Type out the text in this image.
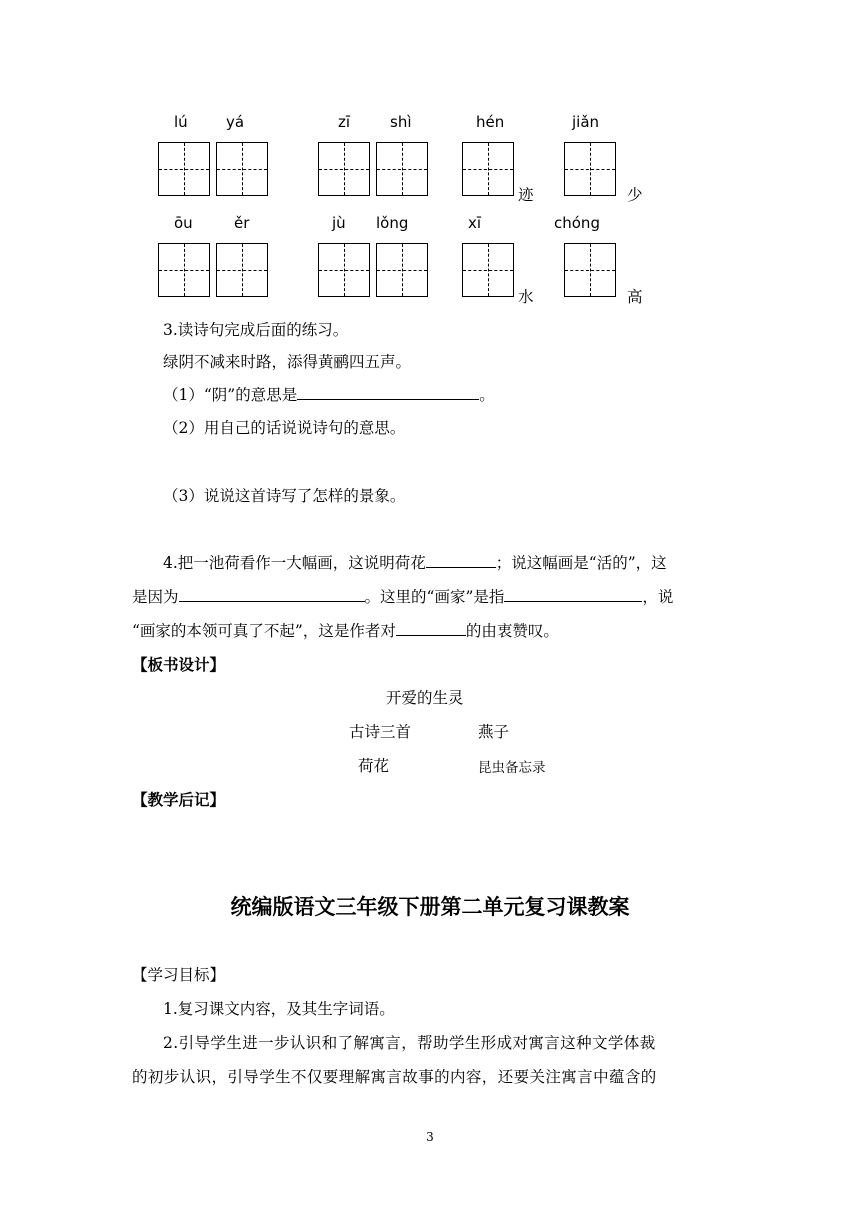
lú	yá	zī	shì	hén	jiǎn
迹	少
ōu	ěr	jù lǒng	xī	chóng
水	高
3.读诗句完成后面的练习。
绿阴不减来时路，添得黄鹂四五声。
（1）“阴”的意思是	。
（2）用自己的话说说诗句的意思。
（3）说说这首诗写了怎样的景象。
4.把一池荷看作一大幅画，这说明荷花	；说这幅画是“活的”，这
是因为	。这里的“画家”是指	，说
“画家的本领可真了不起”，这是作者对	的由衷赞叹。
【板书设计】
开爱的生灵
古诗三首	燕子
荷花	昆虫备忘录
【教学后记】
统编版语文三年级下册第二单元复习课教案
【学习目标】
1.复习课文内容，及其生字词语。
2.引导学生进一步认识和了解寓言，帮助学生形成对寓言这种文学体裁
的初步认识，引导学生不仅要理解寓言故事的内容，还要关注寓言中蕴含的
3
